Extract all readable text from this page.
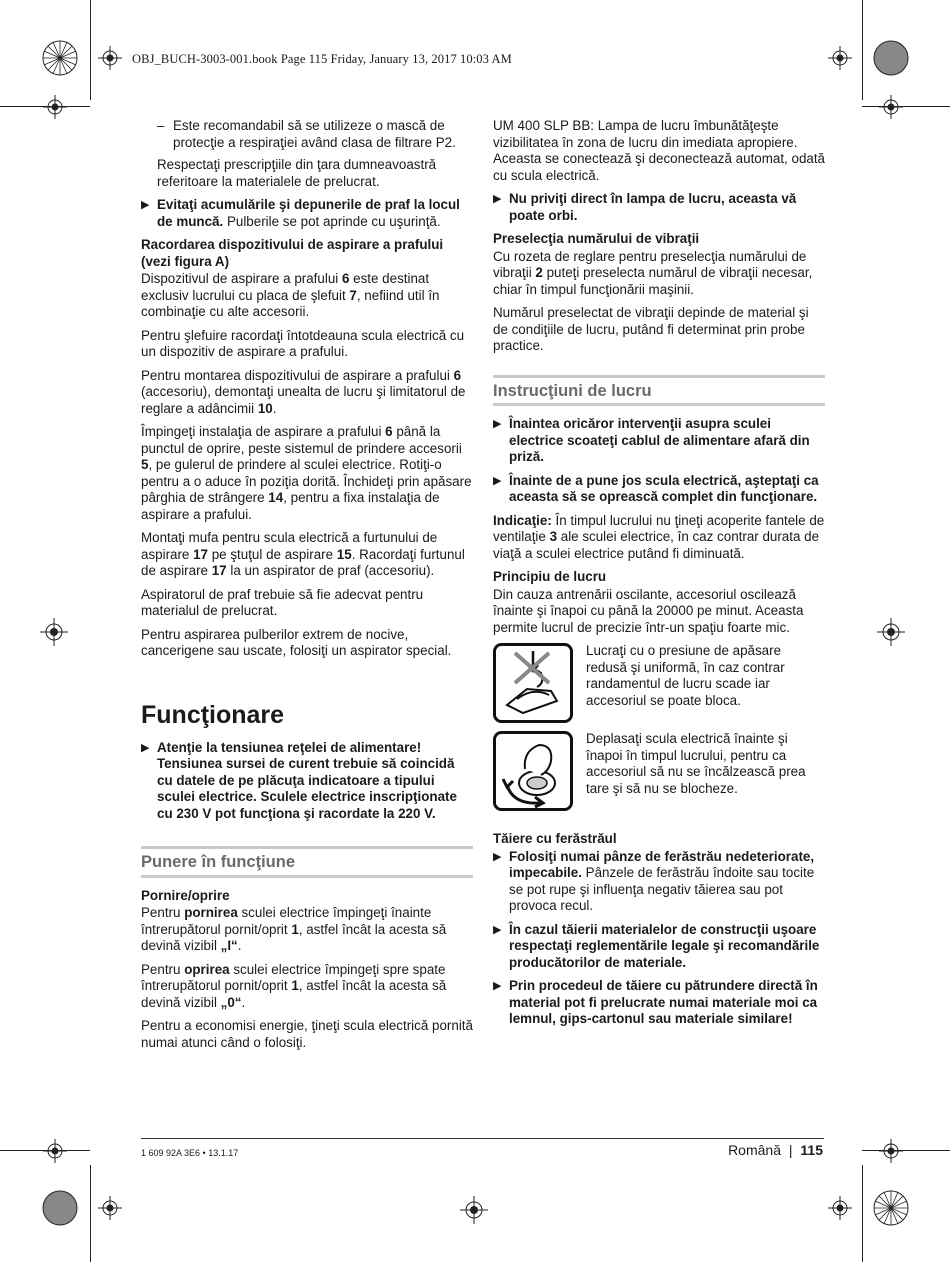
OBJ_BUCH-3003-001.book Page 115 Friday, January 13, 2017 10:03 AM
– Este recomandabil să se utilizeze o mască de protecţie a respiraţiei având clasa de filtrare P2.

Respectaţi prescripţiile din ţara dumneavoastră referitoare la materialele de prelucrat.

▶ Evitaţi acumulările şi depunerile de praf la locul de muncă. Pulberile se pot aprinde cu uşurinţă.

Racordarea dispozitivului de aspirare a prafului (vezi figura A)

Dispozitivul de aspirare a prafului 6 este destinat exclusiv lucrului cu placa de şlefuit 7, nefiind util în combinaţie cu alte accesorii.

Pentru şlefuire racordaţi întotdeauna scula electrică cu un dispozitiv de aspirare a prafului.

Pentru montarea dispozitivului de aspirare a prafului 6 (accesoriu), demontaţi unealta de lucru şi limitatorul de reglare a adâncimii 10.

Împingeţi instalaţia de aspirare a prafului 6 până la punctul de oprire, peste sistemul de prindere accesorii 5, pe gulerul de prindere al sculei electrice. Rotiţi-o pentru a o aduce în poziţia dorită. Închideţi prin apăsare pârghia de strângere 14, pentru a fixa instalaţia de aspirare a prafului.

Montaţi mufa pentru scula electrică a furtunului de aspirare 17 pe ştuţul de aspirare 15. Racordaţi furtunul de aspirare 17 la un aspirator de praf (accesoriu).

Aspiratorul de praf trebuie să fie adecvat pentru materialul de prelucrat.

Pentru aspirarea pulberilor extrem de nocive, cancerigene sau uscate, folosiţi un aspirator special.

Funcţionare
▶ Atenţie la tensiunea reţelei de alimentare! Tensiunea sursei de curent trebuie să coincidă cu datele de pe plăcuţa indicatoare a tipului sculei electrice. Sculele electrice inscripţionate cu 230 V pot funcţiona şi racordate la 220 V.
Punere în funcţiune

Pornire/oprire

Pentru pornirea sculei electrice împingeţi înainte întrerupătorul pornit/oprit 1, astfel încât la acesta să devină vizibil „I“.

Pentru oprirea sculei electrice împingeţi spre spate întrerupătorul pornit/oprit 1, astfel încât la acesta să devină vizibil „0“.

Pentru a economisi energie, ţineţi scula electrică pornită numai atunci când o folosiţi.

UM 400 SLP BB: Lampa de lucru îmbunătăţeşte vizibilitatea în zona de lucru din imediata apropiere. Aceasta se conectează şi deconectează automat, odată cu scula electrică.

▶ Nu priviţi direct în lampa de lucru, aceasta vă poate orbi.

Preselecţia numărului de vibraţii

Cu rozeta de reglare pentru preselecţia numărului de vibraţii 2 puteţi preselecta numărul de vibraţii necesar, chiar în timpul funcţionării maşinii.

Numărul preselectat de vibraţii depinde de material şi de condiţiile de lucru, putând fi determinat prin probe practice.

Instrucţiuni de lucru
▶ Înaintea oricăror intervenţii asupra sculei electrice scoateţi cablul de alimentare afară din priză.
▶ Înainte de a pune jos scula electrică, aşteptaţi ca aceasta să se oprească complet din funcţionare.

Indicaţie: În timpul lucrului nu ţineţi acoperite fantele de ventilaţie 3 ale sculei electrice, în caz contrar durata de viaţă a sculei electrice putând fi diminuată.

Principiu de lucru

Din cauza antrenării oscilante, accesoriul oscilează înainte şi înapoi cu până la 20000 pe minut. Aceasta permite lucrul de precizie într-un spaţiu foarte mic.

Lucraţi cu o presiune de apăsare redusă şi uniformă, în caz contrar randamentul de lucru scade iar accesoriul se poate bloca.
Deplasaţi scula electrică înainte şi înapoi în timpul lucrului, pentru ca accesoriul să nu se încălzească prea tare şi să nu se blocheze.

Tăiere cu ferăstrăul

▶ Folosiţi numai pânze de ferăstrău nedeteriorate, impecabile. Pânzele de ferăstrău îndoite sau tocite se pot rupe şi influenţa negativ tăierea sau pot provoca recul.
▶ În cazul tăierii materialelor de construcţii uşoare respectaţi reglementările legale şi recomandările producătorilor de materiale.
▶ Prin procedeul de tăiere cu pătrundere directă în material pot fi prelucrate numai materiale moi ca lemnul, gips-cartonul sau materiale similare!
1 609 92A 3E6 • 13.1.17	Română | 115
